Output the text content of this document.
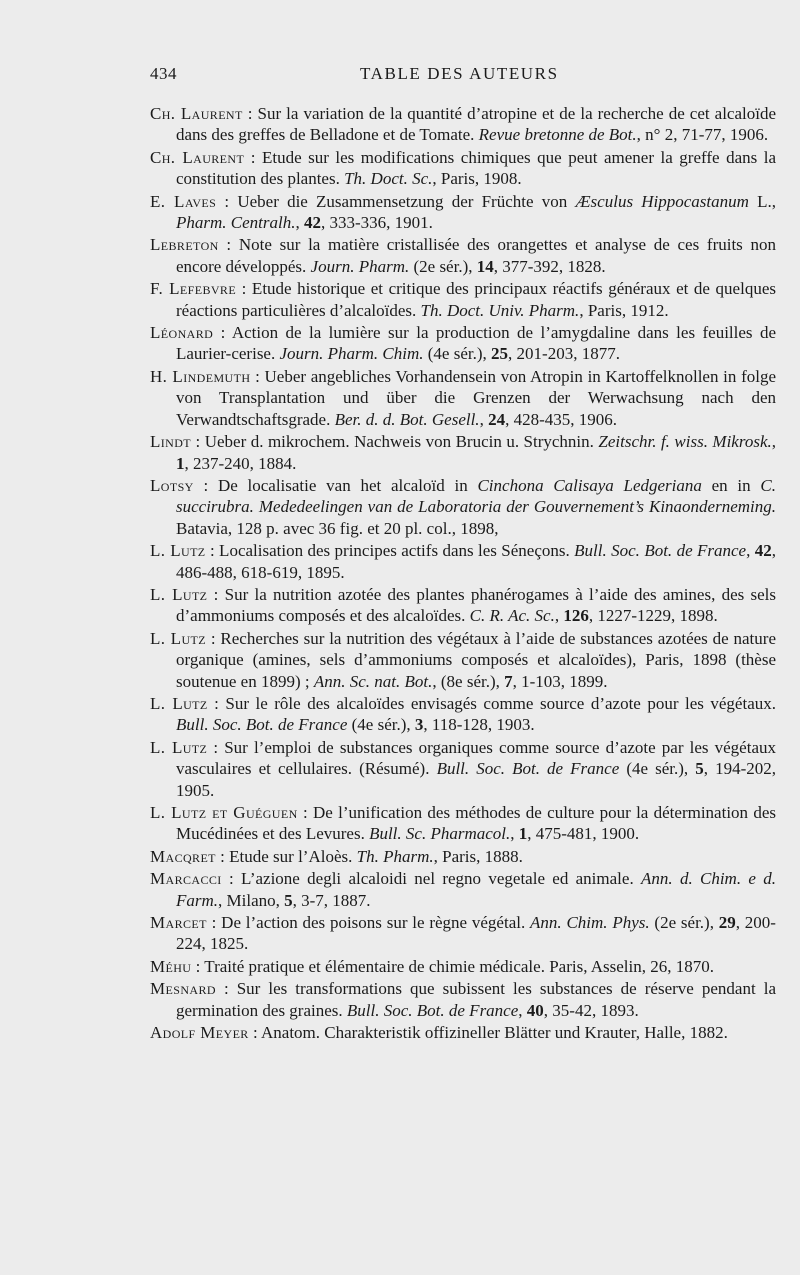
434	TABLE DES AUTEURS

Ch. Laurent : Sur la variation de la quantité d’atropine et de la recherche de cet alcaloïde dans des greffes de Belladone et de Tomate. Revue bretonne de Bot., n° 2, 71-77, 1906.

Ch. Laurent : Etude sur les modifications chimiques que peut amener la greffe dans la constitution des plantes. Th. Doct. Sc., Paris, 1908.

E. Laves : Ueber die Zusammensetzung der Früchte von Æsculus Hippocastanum L., Pharm. Centralh., 42, 333-336, 1901.

Lebreton : Note sur la matière cristallisée des orangettes et analyse de ces fruits non encore développés. Journ. Pharm. (2e sér.), 14, 377-392, 1828.

F. Lefebvre : Etude historique et critique des principaux réactifs généraux et de quelques réactions particulières d’alcaloïdes. Th. Doct. Univ. Pharm., Paris, 1912.

Léonard : Action de la lumière sur la production de l’amygdaline dans les feuilles de Laurier-cerise. Journ. Pharm. Chim. (4e sér.), 25, 201-203, 1877.

H. Lindemuth : Ueber angebliches Vorhandensein von Atropin in Kartoffelknollen in folge von Transplantation und über die Grenzen der Werwachsung nach den Verwandtschaftsgrade. Ber. d. d. Bot. Gesell., 24, 428-435, 1906.

Lindt : Ueber d. mikrochem. Nachweis von Brucin u. Strychnin. Zeitschr. f. wiss. Mikrosk., 1, 237-240, 1884.

Lotsy : De localisatie van het alcaloïd in Cinchona Calisaya Ledgeriana en in C. succirubra. Mededeelingen van de Laboratoria der Gouvernement’s Kinaonderneming. Batavia, 128 p. avec 36 fig. et 20 pl. col., 1898,

L. Lutz : Localisation des principes actifs dans les Séneçons. Bull. Soc. Bot. de France, 42, 486-488, 618-619, 1895.

L. Lutz : Sur la nutrition azotée des plantes phanérogames à l’aide des amines, des sels d’ammoniums composés et des alcaloïdes. C. R. Ac. Sc., 126, 1227-1229, 1898.

L. Lutz : Recherches sur la nutrition des végétaux à l’aide de substances azotées de nature organique (amines, sels d’ammoniums composés et alcaloïdes), Paris, 1898 (thèse soutenue en 1899) ; Ann. Sc. nat. Bot., (8e sér.), 7, 1-103, 1899.

L. Lutz : Sur le rôle des alcaloïdes envisagés comme source d’azote pour les végétaux. Bull. Soc. Bot. de France (4e sér.), 3, 118-128, 1903.

L. Lutz : Sur l’emploi de substances organiques comme source d’azote par les végétaux vasculaires et cellulaires. (Résumé). Bull. Soc. Bot. de France (4e sér.), 5, 194-202, 1905.

L. Lutz et Guéguen : De l’unification des méthodes de culture pour la détermination des Mucédinées et des Levures. Bull. Sc. Pharmacol., 1, 475-481, 1900.

Macqret : Etude sur l’Aloès. Th. Pharm., Paris, 1888.

Marcacci : L’azione degli alcaloidi nel regno vegetale ed animale. Ann. d. Chim. e d. Farm., Milano, 5, 3-7, 1887.

Marcet : De l’action des poisons sur le règne végétal. Ann. Chim. Phys. (2e sér.), 29, 200-224, 1825.

Méhu : Traité pratique et élémentaire de chimie médicale. Paris, Asselin, 26, 1870.

Mesnard : Sur les transformations que subissent les substances de réserve pendant la germination des graines. Bull. Soc. Bot. de France, 40, 35-42, 1893.

Adolf Meyer : Anatom. Charakteristik offizineller Blätter und Krauter, Halle, 1882.
